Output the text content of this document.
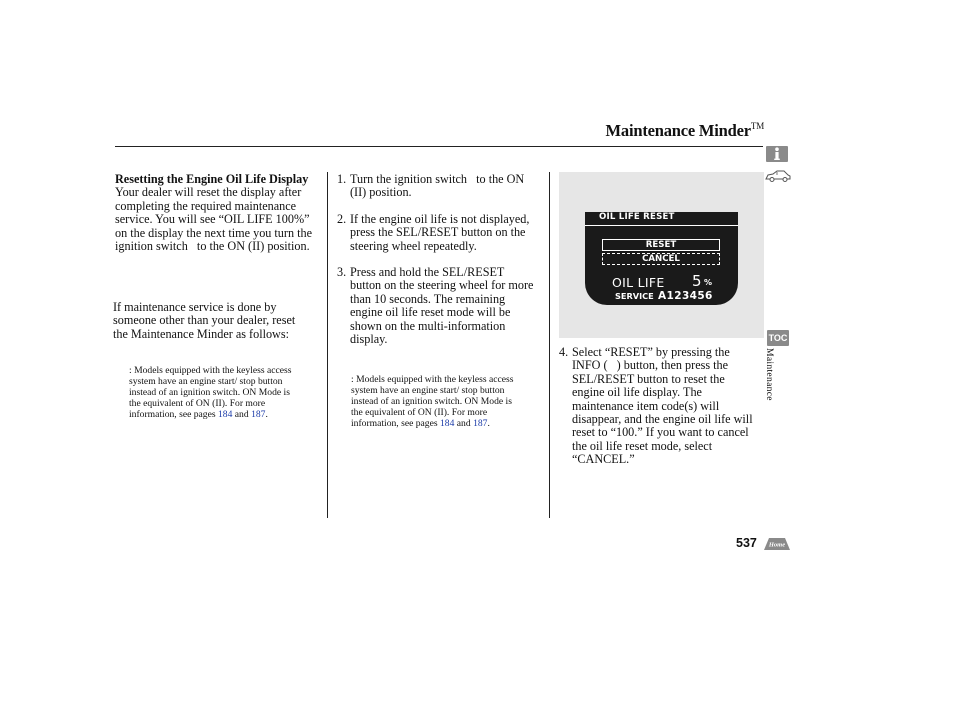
Maintenance Minder™
TOC
Maintenance
Resetting the Engine Oil Life Display
Your dealer will reset the display after completing the required maintenance service. You will see “OIL LIFE 100%” on the display the next time you turn the ignition switch   to the ON (II) position.
If maintenance service is done by someone other than your dealer, reset the Maintenance Minder as follows:
: Models equipped with the keyless access system have an engine start/ stop button instead of an ignition switch. ON Mode is the equivalent of ON (II). For more information, see pages 184 and 187.
1. Turn the ignition switch   to the ON (II) position.
2. If the engine oil life is not displayed, press the SEL/RESET button on the steering wheel repeatedly.
3. Press and hold the SEL/RESET button on the steering wheel for more than 10 seconds. The remaining engine oil life reset mode will be shown on the multi-information display.
: Models equipped with the keyless access system have an engine start/ stop button instead of an ignition switch. ON Mode is the equivalent of ON (II). For more information, see pages 184 and 187.
OIL LIFE RESET
RESET
CANCEL
OIL LIFE 5 %
SERVICE A123456
4. Select “RESET” by pressing the INFO (   ) button, then press the SEL/RESET button to reset the engine oil life display. The maintenance item code(s) will disappear, and the engine oil life will reset to “100.” If you want to cancel the oil life reset mode, select “CANCEL.”
537 Home
